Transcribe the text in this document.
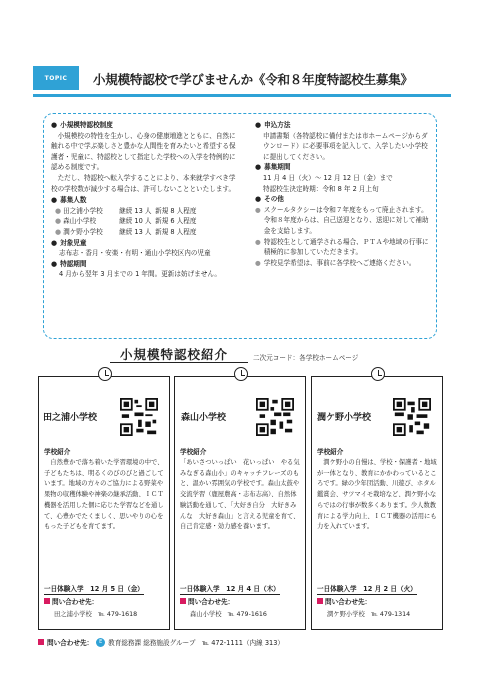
TOPIC	小規模特認校で学びませんか《令和８年度特認校生募集》
● 小規模特認校制度
小規模校の特性を生かし、心身の健康増進とともに、自然に触れる中で学ぶ楽しさと豊かな人間性を育みたいと希望する保護者・児童に、特認校として指定した学校への入学を特例的に認める制度です。
ただし、特認校へ転入学することにより、本来就学すべき学校の学校数が減少する場合は、許可しないことといたします。
● 募集人数
● 田之浦小学校	継続 13 人 新規 8 人程度
● 森山小学校	継続 10 人 新規 6 人程度
● 潤ケ野小学校	継続 13 人 新規 8 人程度
● 対象児童
志布志・香月・安楽・有明・通山小学校区内の児童
● 特認期間
4 月から翌年 3 月までの 1 年間。更新は妨げません。
● 申込方法
申請書類（各特認校に備付または市ホームページからダウンロード）に必要事項を記入して、入学したい小学校に提出してください。
● 募集期間
11 月 4 日（火）～ 12 月 12 日（金）まで
特認校生決定時期：令和 8 年 2 月上旬
● その他
● スクールタクシーは令和７年度をもって廃止されます。令和８年度からは、自己送迎となり、送迎に対して補助金を支給します。
● 特認校生として通学される場合、ＰＴＡや地域の行事に積極的に参加していただきます。
● 学校見学希望は、事前に各学校へご連絡ください。
小規模特認校紹介	二次元コード：各学校ホームページ
田之浦小学校
学校紹介
自然豊かで落ち着いた学習環境の中で、子どもたちは、明るくのびのびと過ごしています。地域の方々のご協力による野菜や果物の収穫体験や神楽の継承活動、ＩＣＴ機器を活用した個に応じた学習などを通して、心豊かでたくましく、思いやりの心をもった子どもを育てます。
一日体験入学　12 月 5 日（金）
問い合わせ先：
田之浦小学校　℡ 479-1618
森山小学校
学校紹介
「あいさついっぱい　花いっぱい　やる気みなぎる森山小」のキャッチフレーズのもと、温かい雰囲気の学校です。森山太鼓や交流学習（鹿屋農高・志布志高）、自然体験活動を通して、「大好き自分　大好きみんな　大好き森山」と言える児童を育て、自己肯定感・効力感を養います。
一日体験入学　12 月 4 日（木）
問い合わせ先：
森山小学校　℡ 479-1616
潤ケ野小学校
学校紹介
潤ケ野小の自慢は、学校・保護者・地域が一体となり、教育にかかわっているところです。緑の少年団活動、川遊び、ホタル鑑賞会、サツマイモ栽培など、潤ケ野小ならではの行事が数多くあります。少人数教育による学力向上、ＩＣＴ機器の活用にも力を入れています。
一日体験入学　12 月 2 日（火）
問い合わせ先：
潤ケ野小学校　℡ 479-1314
問い合わせ先：	E 教育総務課 総務施設グループ　℡ 472-1111（内線 313）
